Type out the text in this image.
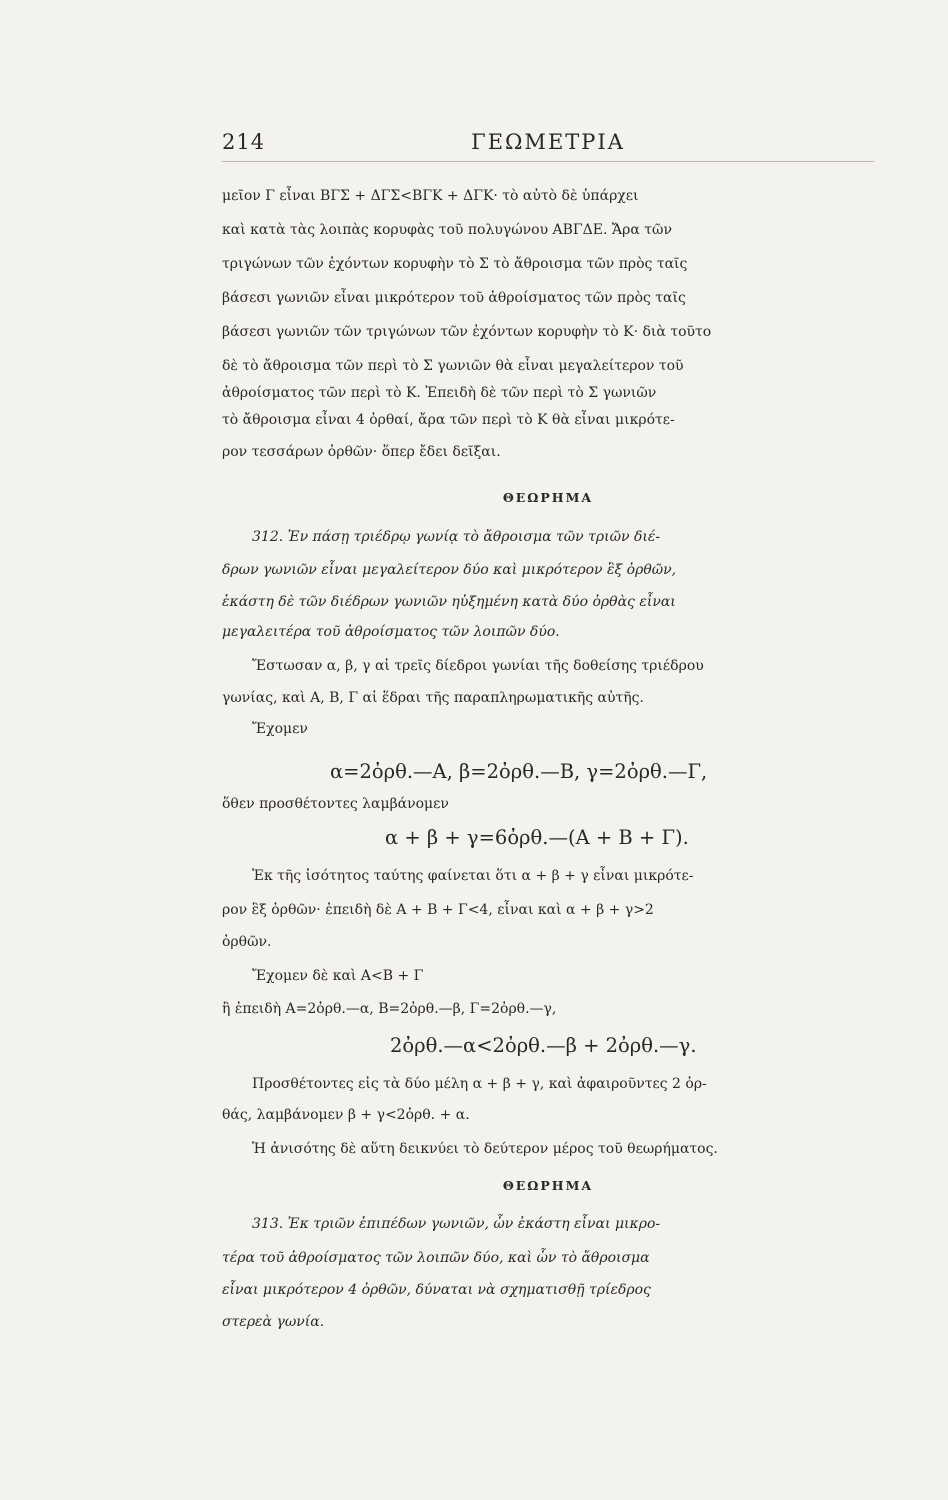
214	ΓΕΩΜΕΤΡΙΑ
μεῖον Γ εἶναι ΒΓΣ + ΔΓΣ<ΒΓΚ + ΔΓΚ· τὸ αὐτὸ δὲ ὑπάρχει
καὶ κατὰ τὰς λοιπὰς κορυφὰς τοῦ πολυγώνου ΑΒΓΔΕ. Ἄρα τῶν
τριγώνων τῶν ἐχόντων κορυφὴν τὸ Σ τὸ ἄθροισμα τῶν πρὸς ταῖς
βάσεσι γωνιῶν εἶναι μικρότερον τοῦ ἀθροίσματος τῶν πρὸς ταῖς
βάσεσι γωνιῶν τῶν τριγώνων τῶν ἐχόντων κορυφὴν τὸ Κ· διὰ τοῦτο
δὲ τὸ ἄθροισμα τῶν περὶ τὸ Σ γωνιῶν θὰ εἶναι μεγαλείτερον τοῦ
ἀθροίσματος τῶν περὶ τὸ Κ. Ἐπειδὴ δὲ τῶν περὶ τὸ Σ γωνιῶν
τὸ ἄθροισμα εἶναι 4 ὀρθαί, ἄρα τῶν περὶ τὸ Κ θὰ εἶναι μικρότε-
ρον τεσσάρων ὀρθῶν· ὅπερ ἔδει δεῖξαι.
ΘΕΩΡΗΜΑ
312. Ἐν πάσῃ τριέδρῳ γωνίᾳ τὸ ἄθροισμα τῶν τριῶν διέ-
δρων γωνιῶν εἶναι μεγαλείτερον δύο καὶ μικρότερον ἓξ ὀρθῶν,
ἑκάστη δὲ τῶν διέδρων γωνιῶν ηὐξημένη κατὰ δύο ὀρθὰς εἶναι
μεγαλειτέρα τοῦ ἀθροίσματος τῶν λοιπῶν δύο.
Ἔστωσαν α, β, γ αἱ τρεῖς δίεδροι γωνίαι τῆς δοθείσης τριέδρου
γωνίας, καὶ Α, Β, Γ αἱ ἕδραι τῆς παραπληρωματικῆς αὐτῆς.
Ἔχομεν
α=2ὀρθ.—Α, β=2ὀρθ.—Β, γ=2ὀρθ.—Γ,
ὅθεν προσθέτοντες λαμβάνομεν
α + β + γ=6ὀρθ.—(Α + Β + Γ).
Ἐκ τῆς ἰσότητος ταύτης φαίνεται ὅτι α + β + γ εἶναι μικρότε-
ρον ἓξ ὀρθῶν· ἐπειδὴ δὲ Α + Β + Γ<4, εἶναι καὶ α + β + γ>2
ὀρθῶν.
Ἔχομεν δὲ καὶ Α<Β + Γ
ἢ ἐπειδὴ Α=2ὀρθ.—α, Β=2ὀρθ.—β, Γ=2ὀρθ.—γ,
2ὀρθ.—α<2ὀρθ.—β + 2ὀρθ.—γ.
Προσθέτοντες εἰς τὰ δύο μέλη α + β + γ, καὶ ἀφαιροῦντες 2 ὀρ-
θάς, λαμβάνομεν β + γ<2ὀρθ. + α.
Ἡ ἀνισότης δὲ αὕτη δεικνύει τὸ δεύτερον μέρος τοῦ θεωρήματος.
ΘΕΩΡΗΜΑ
313. Ἐκ τριῶν ἐπιπέδων γωνιῶν, ὧν ἑκάστη εἶναι μικρο-
τέρα τοῦ ἀθροίσματος τῶν λοιπῶν δύο, καὶ ὧν τὸ ἄθροισμα
εἶναι μικρότερον 4 ὀρθῶν, δύναται νὰ σχηματισθῇ τρίεδρος
στερεὰ γωνία.
